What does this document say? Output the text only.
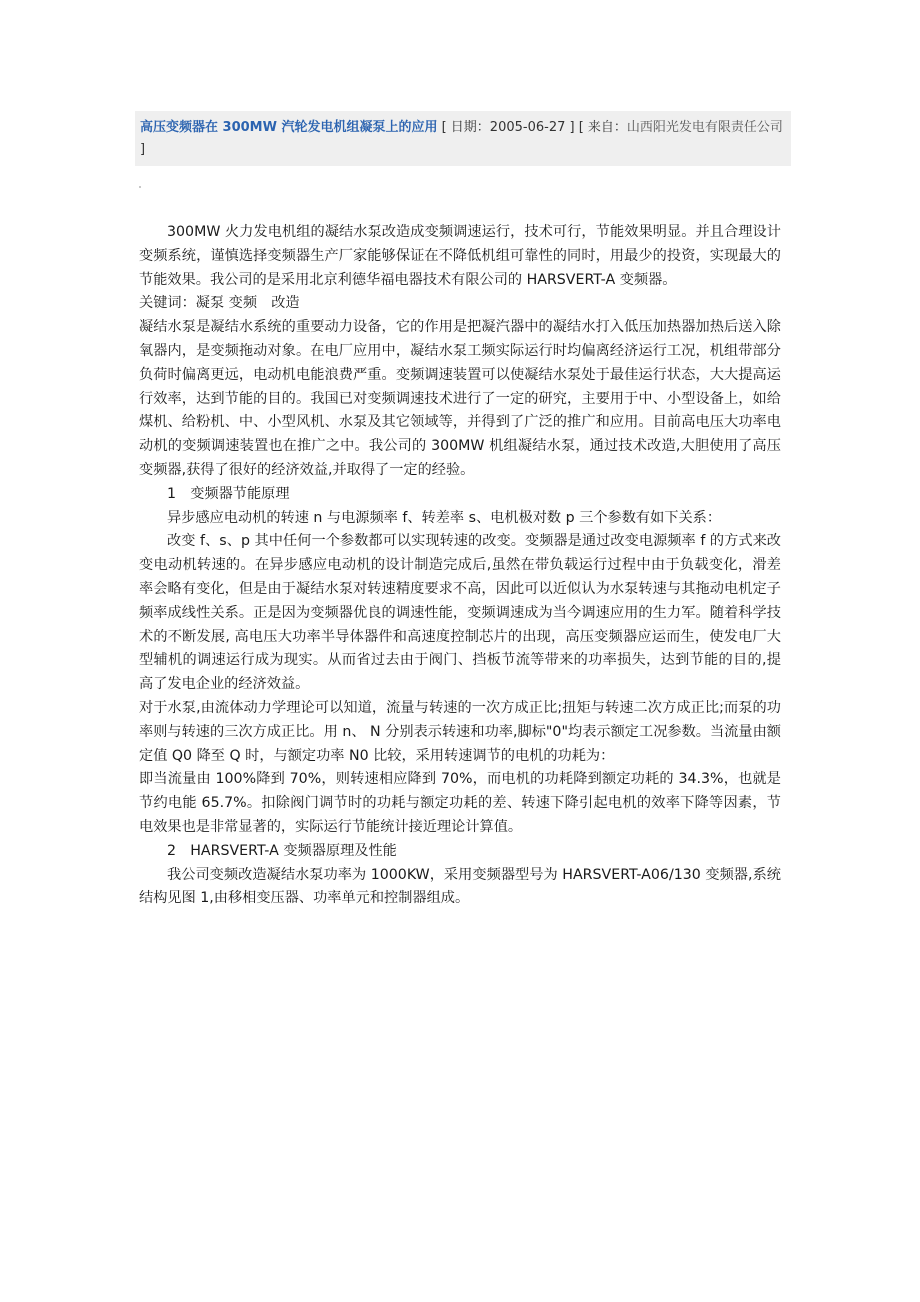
高压变频器在 300MW 汽轮发电机组凝泵上的应用 [ 日期：2005-06-27 ] [ 来自：山西阳光发电有限责任公司 ]

300MW 火力发电机组的凝结水泵改造成变频调速运行，技术可行，节能效果明显。并且合理设计变频系统，谨慎选择变频器生产厂家能够保证在不降低机组可靠性的同时，用最少的投资，实现最大的节能效果。我公司的是采用北京利德华福电器技术有限公司的 HARSVERT-A 变频器。

关键词：凝泵 变频　改造

凝结水泵是凝结水系统的重要动力设备，它的作用是把凝汽器中的凝结水打入低压加热器加热后送入除氧器内，是变频拖动对象。在电厂应用中，凝结水泵工频实际运行时均偏离经济运行工况，机组带部分负荷时偏离更远，电动机电能浪费严重。变频调速装置可以使凝结水泵处于最佳运行状态，大大提高运行效率，达到节能的目的。我国已对变频调速技术进行了一定的研究，主要用于中、小型设备上，如给煤机、给粉机、中、小型风机、水泵及其它领域等，并得到了广泛的推广和应用。目前高电压大功率电动机的变频调速装置也在推广之中。我公司的 300MW 机组凝结水泵，通过技术改造,大胆使用了高压变频器,获得了很好的经济效益,并取得了一定的经验。

1　变频器节能原理

异步感应电动机的转速 n 与电源频率 f、转差率 s、电机极对数 p 三个参数有如下关系：

改变 f、s、p 其中任何一个参数都可以实现转速的改变。变频器是通过改变电源频率 f 的方式来改变电动机转速的。在异步感应电动机的设计制造完成后,虽然在带负载运行过程中由于负载变化，滑差率会略有变化，但是由于凝结水泵对转速精度要求不高，因此可以近似认为水泵转速与其拖动电机定子频率成线性关系。正是因为变频器优良的调速性能，变频调速成为当今调速应用的生力军。随着科学技术的不断发展, 高电压大功率半导体器件和高速度控制芯片的出现，高压变频器应运而生，使发电厂大型辅机的调速运行成为现实。从而省过去由于阀门、挡板节流等带来的功率损失，达到节能的目的,提高了发电企业的经济效益。

对于水泵,由流体动力学理论可以知道，流量与转速的一次方成正比;扭矩与转速二次方成正比;而泵的功率则与转速的三次方成正比。用 n、 N 分别表示转速和功率,脚标"0"均表示额定工况参数。当流量由额定值 Q0 降至 Q 时，与额定功率 N0 比较，采用转速调节的电机的功耗为：

即当流量由 100%降到 70%，则转速相应降到 70%，而电机的功耗降到额定功耗的 34.3%，也就是节约电能 65.7%。扣除阀门调节时的功耗与额定功耗的差、转速下降引起电机的效率下降等因素，节电效果也是非常显著的，实际运行节能统计接近理论计算值。

2　HARSVERT-A 变频器原理及性能

我公司变频改造凝结水泵功率为 1000KW，采用变频器型号为 HARSVERT-A06/130 变频器,系统结构见图 1,由移相变压器、功率单元和控制器组成。
